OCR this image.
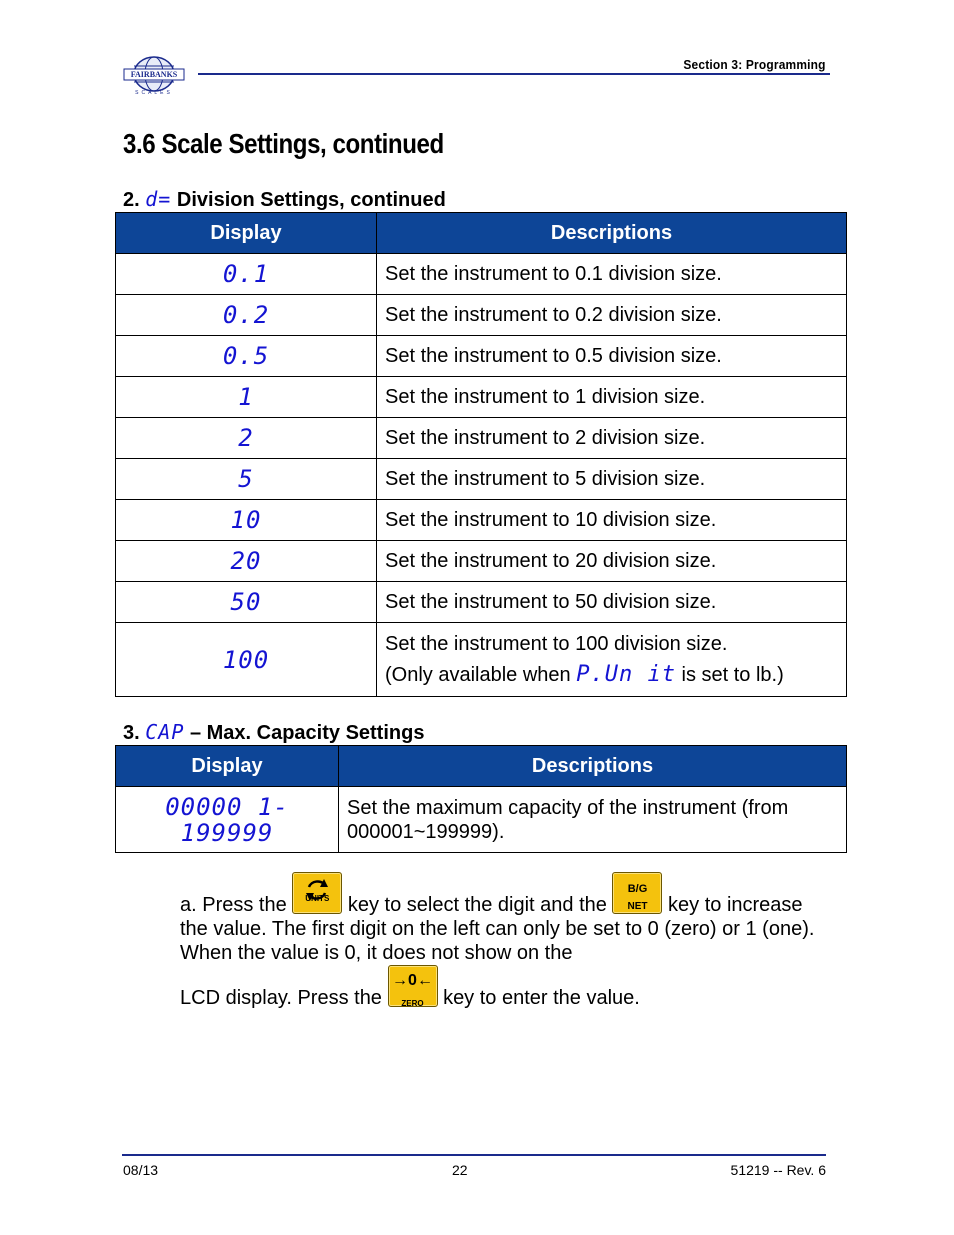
FAIRBANKS
SCALES
Section 3: Programming
3.6 Scale Settings, continued
2. d= Division Settings, continued
Display	Descriptions
0.1	Set the instrument to 0.1 division size.
0.2	Set the instrument to 0.2 division size.
0.5	Set the instrument to 0.5 division size.
1	Set the instrument to 1 division size.
2	Set the instrument to 2 division size.
5	Set the instrument to 5 division size.
10	Set the instrument to 10 division size.
20	Set the instrument to 20 division size.
50	Set the instrument to 50 division size.
100	Set the instrument to 100 division size.
(Only available when P.Un it is set to lb.)
3. CAP – Max. Capacity Settings
Display	Descriptions

00000 1-
199999	Set the maximum capacity of the instrument (from 000001~199999).
a. Press the	UNITS key to select the digit and the
B/G
NET	key to increase the value. The first digit on the left can only be set to 0 (zero) or 1 (one). When the value is 0, it does not show on the
LCD display. Press the
→0←
ZERO key to enter the value.
08/13	22	51219 -- Rev. 6
